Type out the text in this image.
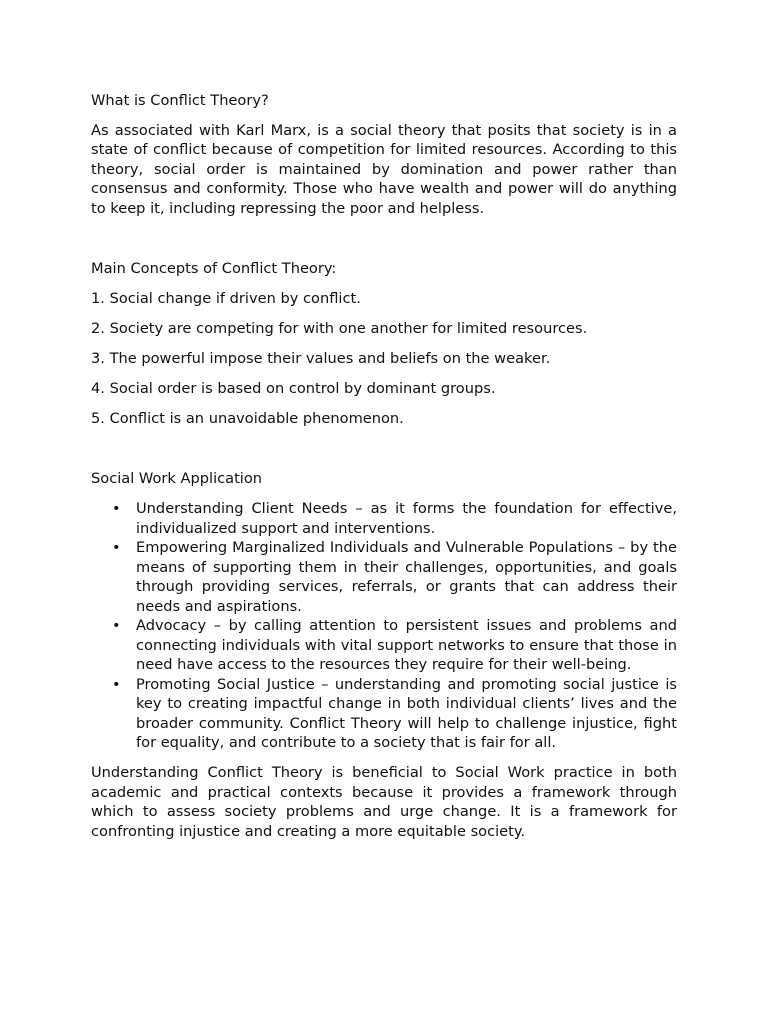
What is Conflict Theory?

As associated with Karl Marx, is a social theory that posits that society is in a state of conflict because of competition for limited resources. According to this theory, social order is maintained by domination and power rather than consensus and conformity. Those who have wealth and power will do anything to keep it, including repressing the poor and helpless.

Main Concepts of Conflict Theory:

1. Social change if driven by conflict.

2. Society are competing for with one another for limited resources.

3. The powerful impose their values and beliefs on the weaker.

4. Social order is based on control by dominant groups.

5. Conflict is an unavoidable phenomenon.

Social Work Application

• Understanding Client Needs – as it forms the foundation for effective, individualized support and interventions.
• Empowering Marginalized Individuals and Vulnerable Populations – by the means of supporting them in their challenges, opportunities, and goals through providing services, referrals, or grants that can address their needs and aspirations.
• Advocacy – by calling attention to persistent issues and problems and connecting individuals with vital support networks to ensure that those in need have access to the resources they require for their well-being.
• Promoting Social Justice – understanding and promoting social justice is key to creating impactful change in both individual clients’ lives and the broader community. Conflict Theory will help to challenge injustice, fight for equality, and contribute to a society that is fair for all.

Understanding Conflict Theory is beneficial to Social Work practice in both academic and practical contexts because it provides a framework through which to assess society problems and urge change. It is a framework for confronting injustice and creating a more equitable society.
